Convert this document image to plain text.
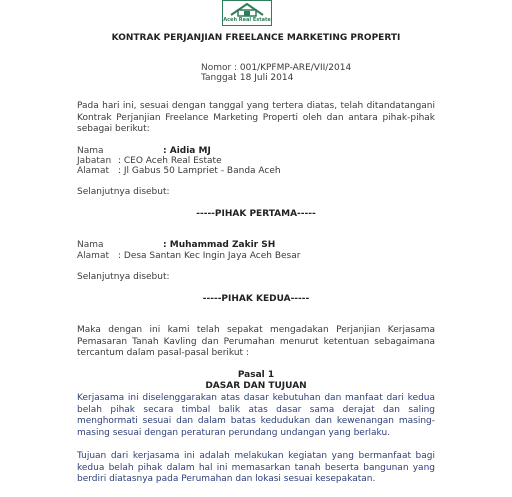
Aceh Real Estate
KONTRAK PERJANJIAN FREELANCE MARKETING PROPERTI
Nomor : 001/KPFMP-ARE/VII/2014
Tanggal
: 18 Juli 2014
Pada hari ini, sesuai dengan tanggal yang tertera diatas, telah ditandatangani Kontrak Perjanjian Freelance Marketing Properti oleh dan antara pihak-pihak sebagai berikut:
Nama	: Aidia MJ
Jabatan : CEO Aceh Real Estate
Alamat : Jl Gabus 50 Lampriet - Banda Aceh
Selanjutnya disebut:
-----PIHAK PERTAMA-----
Nama	: Muhammad Zakir SH
Alamat : Desa Santan Kec Ingin Jaya Aceh Besar
Selanjutnya disebut:
-----PIHAK KEDUA-----
Maka dengan ini kami telah sepakat mengadakan Perjanjian Kerjasama Pemasaran Tanah Kavling dan Perumahan menurut ketentuan sebagaimana tercantum dalam pasal-pasal berikut :
Pasal 1
DASAR DAN TUJUAN
Kerjasama ini diselenggarakan atas dasar kebutuhan dan manfaat dari kedua belah pihak secara timbal balik atas dasar sama derajat dan saling menghormati sesuai dan dalam batas kedudukan dan kewenangan masing-masing sesuai dengan peraturan perundang undangan yang berlaku.
Tujuan dari kerjasama ini adalah melakukan kegiatan yang bermanfaat bagi kedua belah pihak dalam hal ini memasarkan tanah beserta bangunan yang berdiri diatasnya pada Perumahan dan lokasi sesuai kesepakatan.
